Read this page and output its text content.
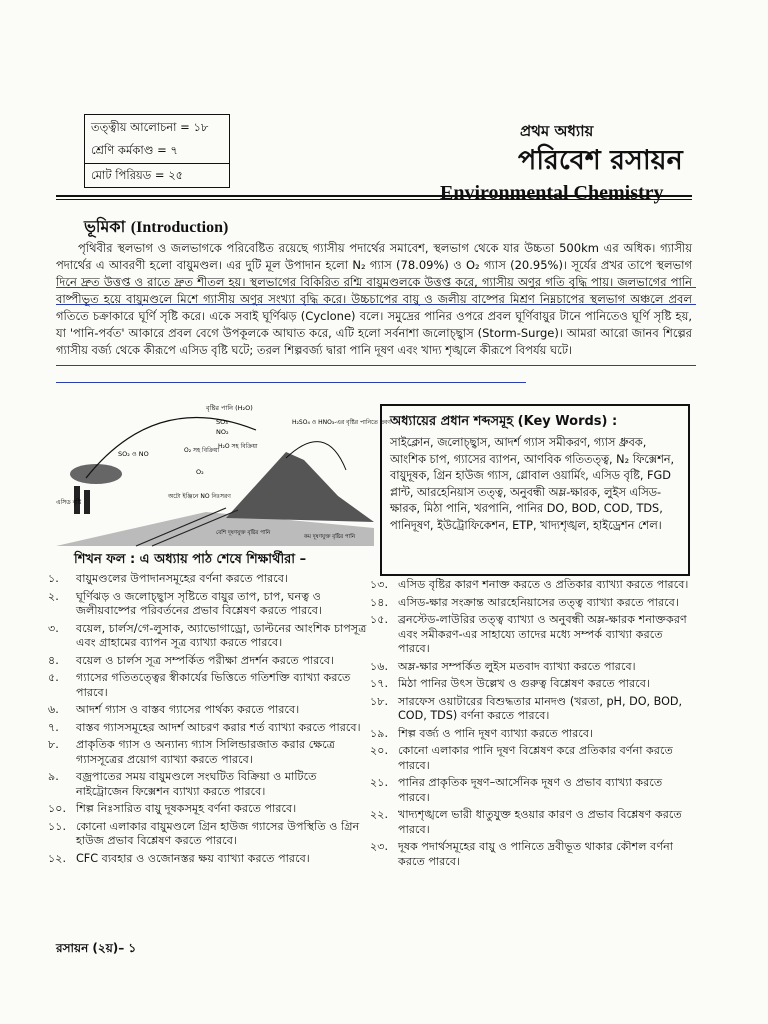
তত্ত্বীয় আলোচনা = ১৮
শ্রেণি কর্মকাণ্ড = ৭
মোট পিরিয়ড = ২৫
প্রথম অধ্যায়
পরিবেশ রসায়ন
Environmental Chemistry
ভূমিকা (Introduction)

পৃথিবীর স্থলভাগ ও জলভাগকে পরিবেষ্টিত রয়েছে গ্যাসীয় পদার্থের সমাবেশ, স্থলভাগ থেকে যার উচ্চতা 500km এর অধিক। গ্যাসীয় পদার্থের এ আবরণী হলো বায়ুমণ্ডল। এর দুটি মূল উপাদান হলো N₂ গ্যাস (78.09%) ও O₂ গ্যাস (20.95%)। সূর্যের প্রখর তাপে স্থলভাগ দিনে দ্রুত উত্তপ্ত ও রাতে দ্রুত শীতল হয়। স্থলভাগের বিকিরিত রশ্মি বায়ুমণ্ডলকে উত্তপ্ত করে, গ্যাসীয় অণুর গতি বৃদ্ধি পায়। জলভাগের পানি বাষ্পীভূত হয়ে বায়ুমণ্ডলে মিশে গ্যাসীয় অণুর সংখ্যা বৃদ্ধি করে। উচ্চচাপের বায়ু ও জলীয় বাষ্পের মিশ্রণ নিম্নচাপের স্থলভাগ অঞ্চলে প্রবল গতিতে চক্রাকারে ঘূর্ণি সৃষ্টি করে। একে সবাই ঘূর্ণিঝড় (Cyclone) বলে। সমুদ্রের পানির ওপরে প্রবল ঘূর্ণিবায়ুর টানে পানিতেও ঘূর্ণি সৃষ্টি হয়, যা 'পানি-পর্বত' আকারে প্রবল বেগে উপকূলকে আঘাত করে, এটি হলো সর্বনাশা জলোচ্ছ্বাস (Storm-Surge)। আমরা আরো জানব শিল্পের গ্যাসীয় বর্জ্য থেকে কীরূপে এসিড বৃষ্টি ঘটে; তরল শিল্পবর্জ্য দ্বারা পানি দূষণ এবং খাদ্য শৃঙ্খলে কীরূপে বিপর্যয় ঘটে।

বৃষ্টির পানি (H₂O)
SO₃
NO₂
H₂O সহ বিক্রিয়া
H₂SO₄ ও HNO₃-এর বৃষ্টির পানিতে দ্রবণ
SO₂ ও NO	O₂ সহ বিক্রিয়া
O₂
অটো ইঞ্জিনে NO নিঃসরণ
এসিড বৃষ্টি
বেশি দূষণযুক্ত বৃষ্টির পানি
কম দূষণযুক্ত বৃষ্টির পানি
অধ্যায়ের প্রধান শব্দসমূহ (Key Words) :
সাইক্লোন, জলোচ্ছ্বাস, আদর্শ গ্যাস সমীকরণ, গ্যাস ধ্রুবক, আংশিক চাপ, গ্যাসের ব্যাপন, আণবিক গতিতত্ত্ব, N₂ ফিক্সেশন, বায়ুদূষক, গ্রিন হাউজ গ্যাস, গ্লোবাল ওয়ার্মিং, এসিড বৃষ্টি, FGD প্লান্ট, আরহেনিয়াস তত্ত্ব, অনুবন্ধী অম্ল-ক্ষারক, লুইস এসিড-ক্ষারক, মিঠা পানি, খরপানি, পানির DO, BOD, COD, TDS, পানিদূষণ, ইউট্রোফিকেশন, ETP, খাদ্যশৃঙ্খল, হাইড্রেশন শেল।
শিখন ফল : এ অধ্যায় পাঠ শেষে শিক্ষার্থীরা –
১.	বায়ুমণ্ডলের উপাদানসমূহের বর্ণনা করতে পারবে।
২.	ঘূর্ণিঝড় ও জলোচ্ছ্বাস সৃষ্টিতে বায়ুর তাপ, চাপ, ঘনত্ব ও জলীয়বাষ্পের পরিবর্তনের প্রভাব বিশ্লেষণ করতে পারবে।
৩.	বয়েল, চার্লস/গে-লুসাক, অ্যাভোগাড্রো, ডাল্টনের আংশিক চাপসূত্র এবং গ্রাহামের ব্যাপন সূত্র ব্যাখ্যা করতে পারবে।
৪.	বয়েল ও চার্লস সূত্র সম্পর্কিত পরীক্ষা প্রদর্শন করতে পারবে।
৫.	গ্যাসের গতিতত্ত্বের স্বীকার্যের ভিত্তিতে গতিশক্তি ব্যাখ্যা করতে পারবে।
৬.	আদর্শ গ্যাস ও বাস্তব গ্যাসের পার্থক্য করতে পারবে।
৭.	বাস্তব গ্যাসসমূহের আদর্শ আচরণ করার শর্ত ব্যাখ্যা করতে পারবে।
৮.	প্রাকৃতিক গ্যাস ও অন্যান্য গ্যাস সিলিন্ডারজাত করার ক্ষেত্রে গ্যাসসূত্রের প্রয়োগ ব্যাখ্যা করতে পারবে।
৯.	বজ্রপাতের সময় বায়ুমণ্ডলে সংঘটিত বিক্রিয়া ও মাটিতে নাইট্রোজেন ফিক্সেশন ব্যাখ্যা করতে পারবে।
১০. শিল্প নিঃসারিত বায়ু দূষকসমূহ বর্ণনা করতে পারবে।
১১. কোনো এলাকার বায়ুমণ্ডলে গ্রিন হাউজ গ্যাসের উপস্থিতি ও গ্রিন হাউজ প্রভাব বিশ্লেষণ করতে পারবে।
১২. CFC ব্যবহার ও ওজোনস্তর ক্ষয় ব্যাখ্যা করতে পারবে।
১৩. এসিড বৃষ্টির কারণ শনাক্ত করতে ও প্রতিকার ব্যাখ্যা করতে পারবে।
১৪. এসিড-ক্ষার সংক্রান্ত আরহেনিয়াসের তত্ত্ব ব্যাখ্যা করতে পারবে।
১৫. ব্রনস্টেড-লাউরির তত্ত্ব ব্যাখ্যা ও অনুবন্ধী অম্ল-ক্ষারক শনাক্তকরণ এবং সমীকরণ-এর সাহায্যে তাদের মধ্যে সম্পর্ক ব্যাখ্যা করতে পারবে।
১৬. অম্ল-ক্ষার সম্পর্কিত লুইস মতবাদ ব্যাখ্যা করতে পারবে।
১৭. মিঠা পানির উৎস উল্লেখ ও গুরুত্ব বিশ্লেষণ করতে পারবে।
১৮. সারফেস ওয়াটারের বিশুদ্ধতার মানদণ্ড (খরতা, pH, DO, BOD, COD, TDS) বর্ণনা করতে পারবে।
১৯. শিল্প বর্জ্য ও পানি দূষণ ব্যাখ্যা করতে পারবে।
২০. কোনো এলাকার পানি দূষণ বিশ্লেষণ করে প্রতিকার বর্ণনা করতে পারবে।
২১. পানির প্রাকৃতিক দূষণ–আর্সেনিক দূষণ ও প্রভাব ব্যাখ্যা করতে পারবে।
২২. খাদ্যশৃঙ্খলে ভারী ধাতুযুক্ত হওয়ার কারণ ও প্রভাব বিশ্লেষণ করতে পারবে।
২৩. দূষক পদার্থসমূহের বায়ু ও পানিতে দ্রবীভূত থাকার কৌশল বর্ণনা করতে পারবে।
রসায়ন (২য়)– ১
